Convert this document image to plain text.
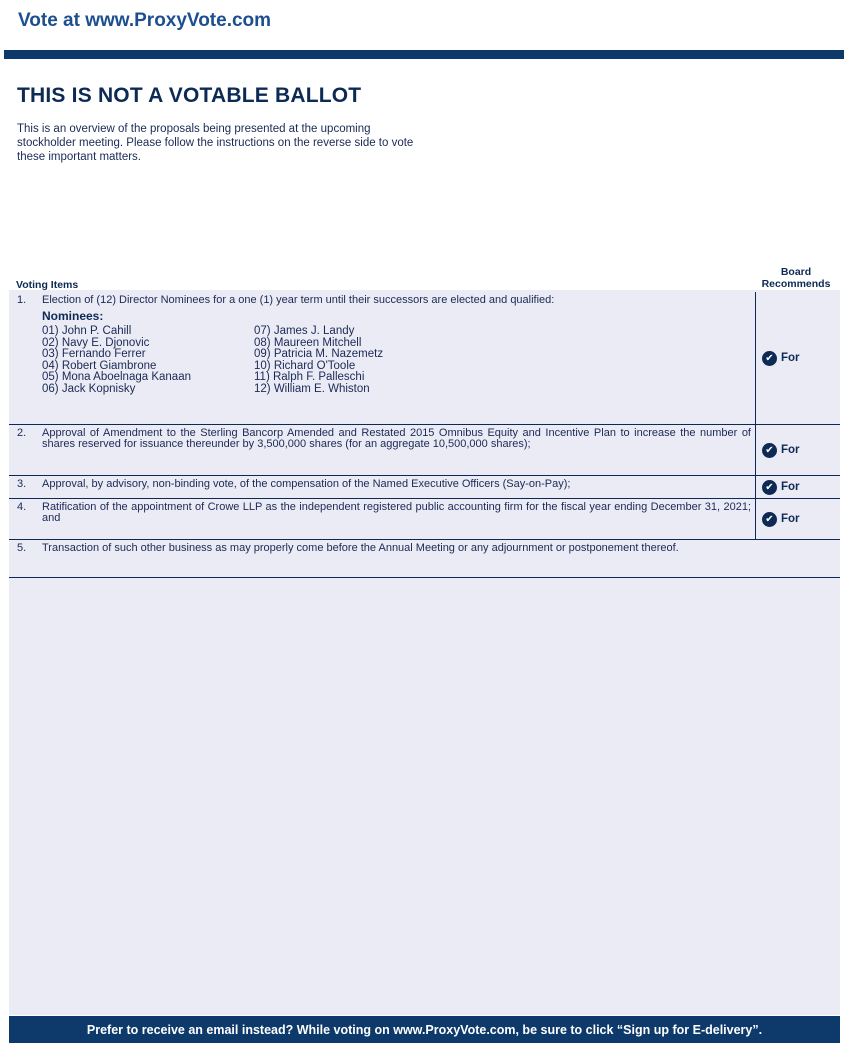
Vote at www.ProxyVote.com
THIS IS NOT A VOTABLE BALLOT
This is an overview of the proposals being presented at the upcoming stockholder meeting. Please follow the instructions on the reverse side to vote these important matters.
Voting Items
Board
Recommends
1.	Election of (12) Director Nominees for a one (1) year term until their successors are elected and qualified:
Nominees:
01) John P. Cahill
02) Navy E. Djonovic
03) Fernando Ferrer
04) Robert Giambrone
05) Mona Aboelnaga Kanaan
06) Jack Kopnisky
07) James J. Landy
08) Maureen Mitchell
09) Patricia M. Nazemetz
10) Richard O'Toole
11) Ralph F. Palleschi
12) William E. Whiston
✔ For
2.	Approval of Amendment to the Sterling Bancorp Amended and Restated 2015 Omnibus Equity and Incentive Plan to increase the number of shares reserved for issuance thereunder by 3,500,000 shares (for an aggregate 10,500,000 shares);	✔ For
3.	Approval, by advisory, non-binding vote, of the compensation of the Named Executive Officers (Say-on-Pay);	✔ For
4.	Ratification of the appointment of Crowe LLP as the independent registered public accounting firm for the fiscal year ending December 31, 2021; and	✔ For
5.	Transaction of such other business as may properly come before the Annual Meeting or any adjournment or postponement thereof.
Prefer to receive an email instead? While voting on www.ProxyVote.com, be sure to click “Sign up for E-delivery”.
